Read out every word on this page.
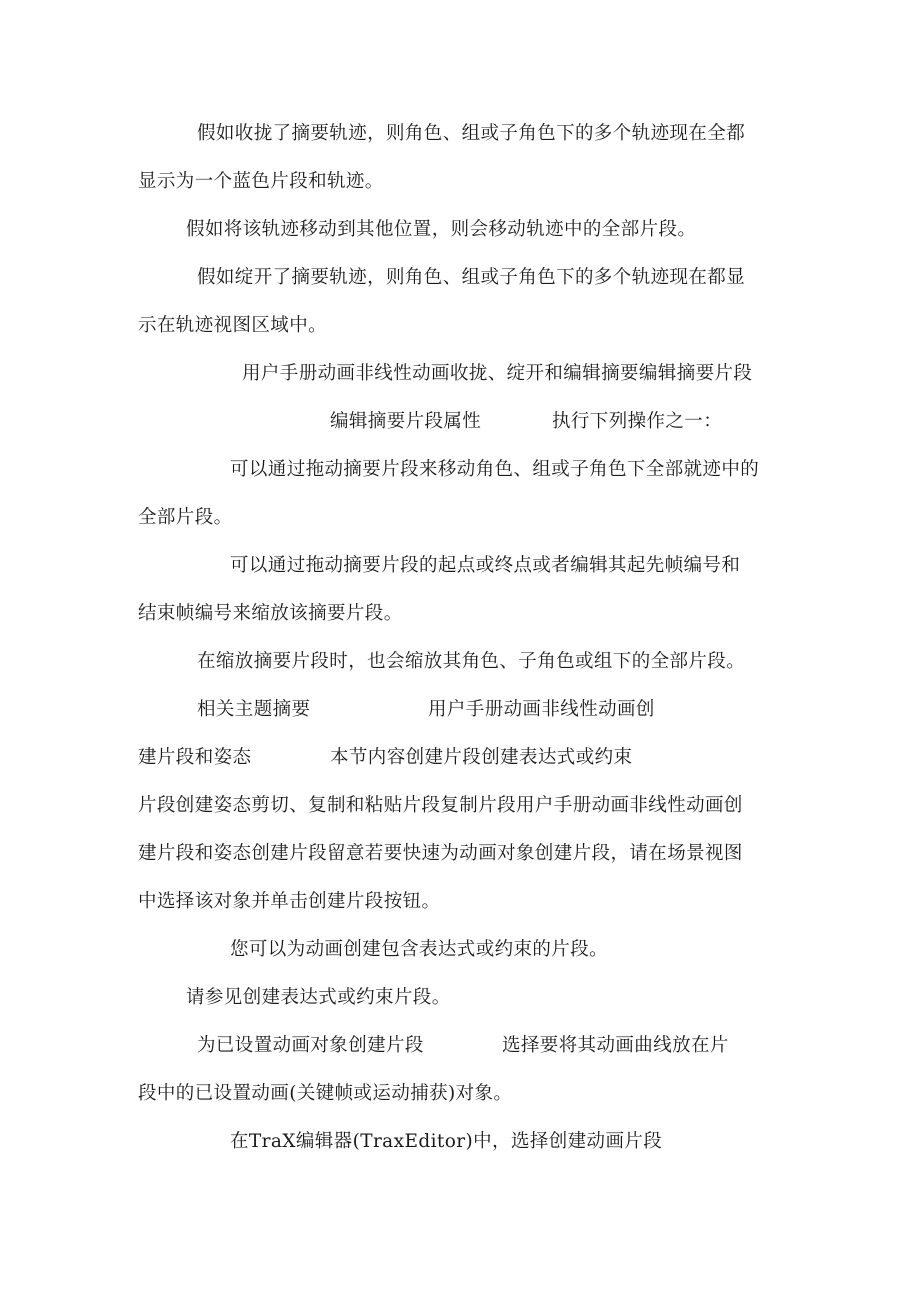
假如收拢了摘要轨迹，则角色、组或子角色下的多个轨迹现在全都
显示为一个蓝色片段和轨迹。
假如将该轨迹移动到其他位置，则会移动轨迹中的全部片段。
假如绽开了摘要轨迹，则角色、组或子角色下的多个轨迹现在都显
示在轨迹视图区域中。
用户手册动画非线性动画收拢、绽开和编辑摘要编辑摘要片段
编辑摘要片段属性	执行下列操作之一：
可以通过拖动摘要片段来移动角色、组或子角色下全部就迹中的
全部片段。
可以通过拖动摘要片段的起点或终点或者编辑其起先帧编号和
结束帧编号来缩放该摘要片段。
在缩放摘要片段时，也会缩放其角色、子角色或组下的全部片段。
相关主题摘要	用户手册动画非线性动画创
建片段和姿态	本节内容创建片段创建表达式或约束
片段创建姿态剪切、复制和粘贴片段复制片段用户手册动画非线性动画创
建片段和姿态创建片段留意若要快速为动画对象创建片段，请在场景视图
中选择该对象并单击创建片段按钮。
您可以为动画创建包含表达式或约束的片段。
请参见创建表达式或约束片段。
为已设置动画对象创建片段	选择要将其动画曲线放在片
段中的已设置动画(关键帧或运动捕获)对象。
在TraX编辑器(TraxEditor)中，选择创建动画片段
